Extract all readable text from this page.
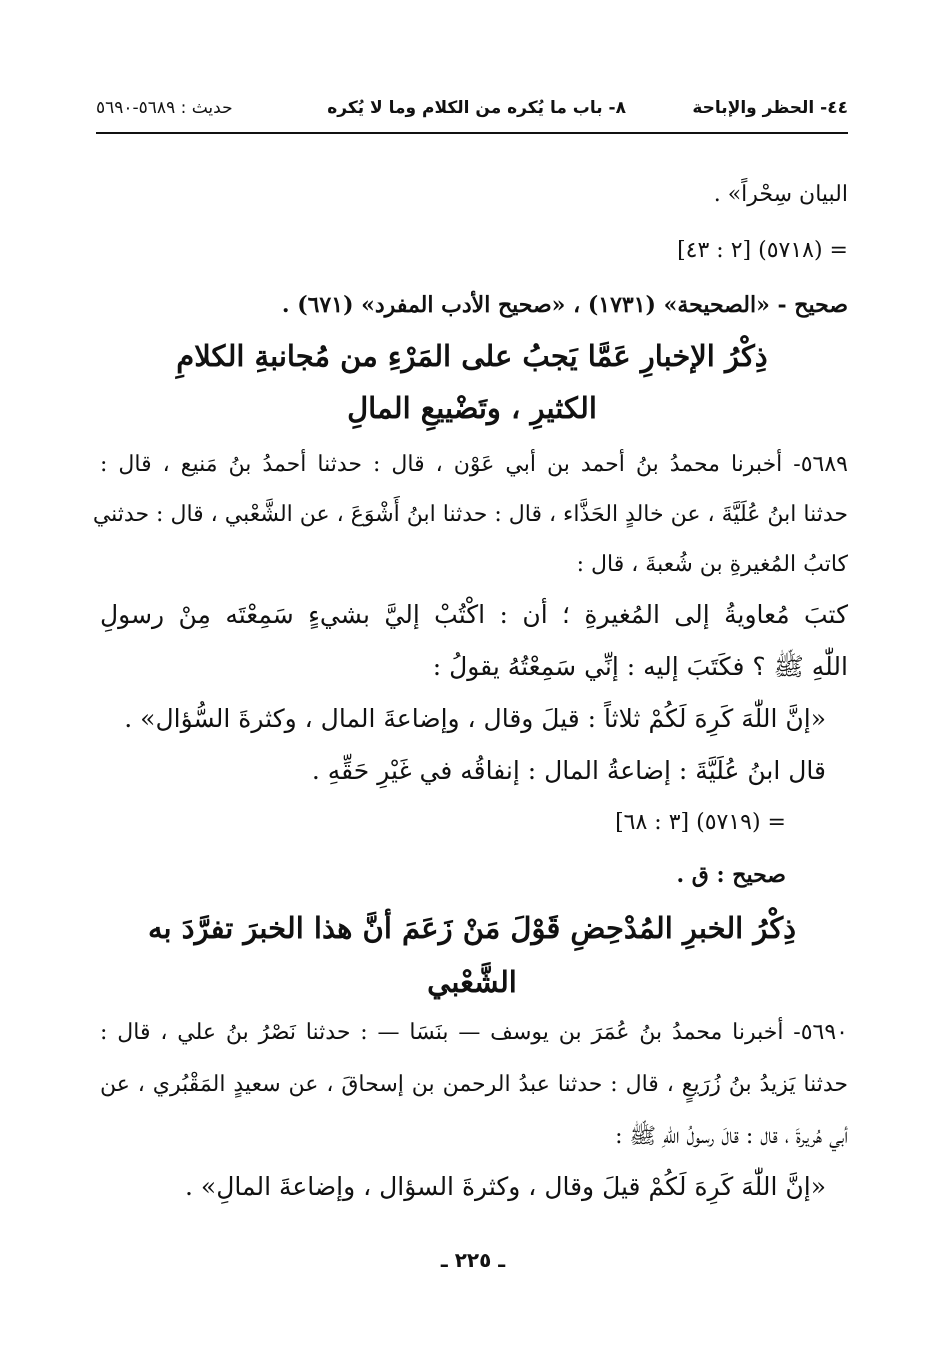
٤٤- الحظر والإباحة
٨- باب ما يُكره من الكلام وما لا يُكره
حديث : ٥٦٨٩-٥٦٩٠
البيان سِحْراً» .
= (٥٧١٨) [٢ : ٤٣]
صحيح - «الصحيحة» (١٧٣١) ، «صحيح الأدب المفرد» (٦٧١) .
ذِكْرُ الإخبارِ عَمَّا يَجبُ على المَرْءِ من مُجانبةِ الكلامِ
الكثيرِ ، وتَضْييعِ المالِ
٥٦٨٩- أخبرنا محمدُ بنُ أحمد بن أبي عَوْن ، قال : حدثنا أحمدُ بنُ مَنيع ، قال :
حدثنا ابنُ عُلَيَّةَ ، عن خالدٍ الحَذَّاء ، قال : حدثنا ابنُ أَشْوَعَ ، عن الشَّعْبي ، قال : حدثني
كاتبُ المُغيرةِ بن شُعبةَ ، قال :
كتبَ مُعاويةُ إلى المُغيرةِ ؛ أن : اكْتُبْ إليَّ بشيءٍ سَمِعْتَه مِنْ رسولِ
اللّٰهِ ﷺ ؟ فكَتَبَ إليه : إنِّي سَمِعْتُهُ يقولُ :
«إنَّ اللّٰهَ كَرِهَ لَكُمْ ثلاثاً : قيلَ وقال ، وإضاعةَ المال ، وكثرةَ السُّؤال» .
قال ابنُ عُلَيَّةَ : إضاعةُ المال : إنفاقُه في غَيْرِ حَقِّهِ .
= (٥٧١٩) [٣ : ٦٨]
صحيح : ق .
ذِكْرُ الخبرِ المُدْحِضِ قَوْلَ مَنْ زَعَمَ أنَّ هذا الخبرَ تفرَّدَ به
الشَّعْبي
٥٦٩٠- أخبرنا محمدُ بنُ عُمَرَ بن يوسف — بنَسَا — : حدثنا نَصْرُ بنُ علي ، قال :
حدثنا يَزيدُ بنُ زُرَيعٍ ، قال : حدثنا عبدُ الرحمن بن إسحاقَ ، عن سعيدٍ المَقْبُري ، عن
أبي هُريرةَ ، قال : قالَ رسولُ اللّٰهِ ﷺ :
«إنَّ اللّٰهَ كَرِهَ لَكُمْ قيلَ وقال ، وكثرةَ السؤال ، وإضاعةَ المالِ» .
ـ ٢٢٥ ـ
